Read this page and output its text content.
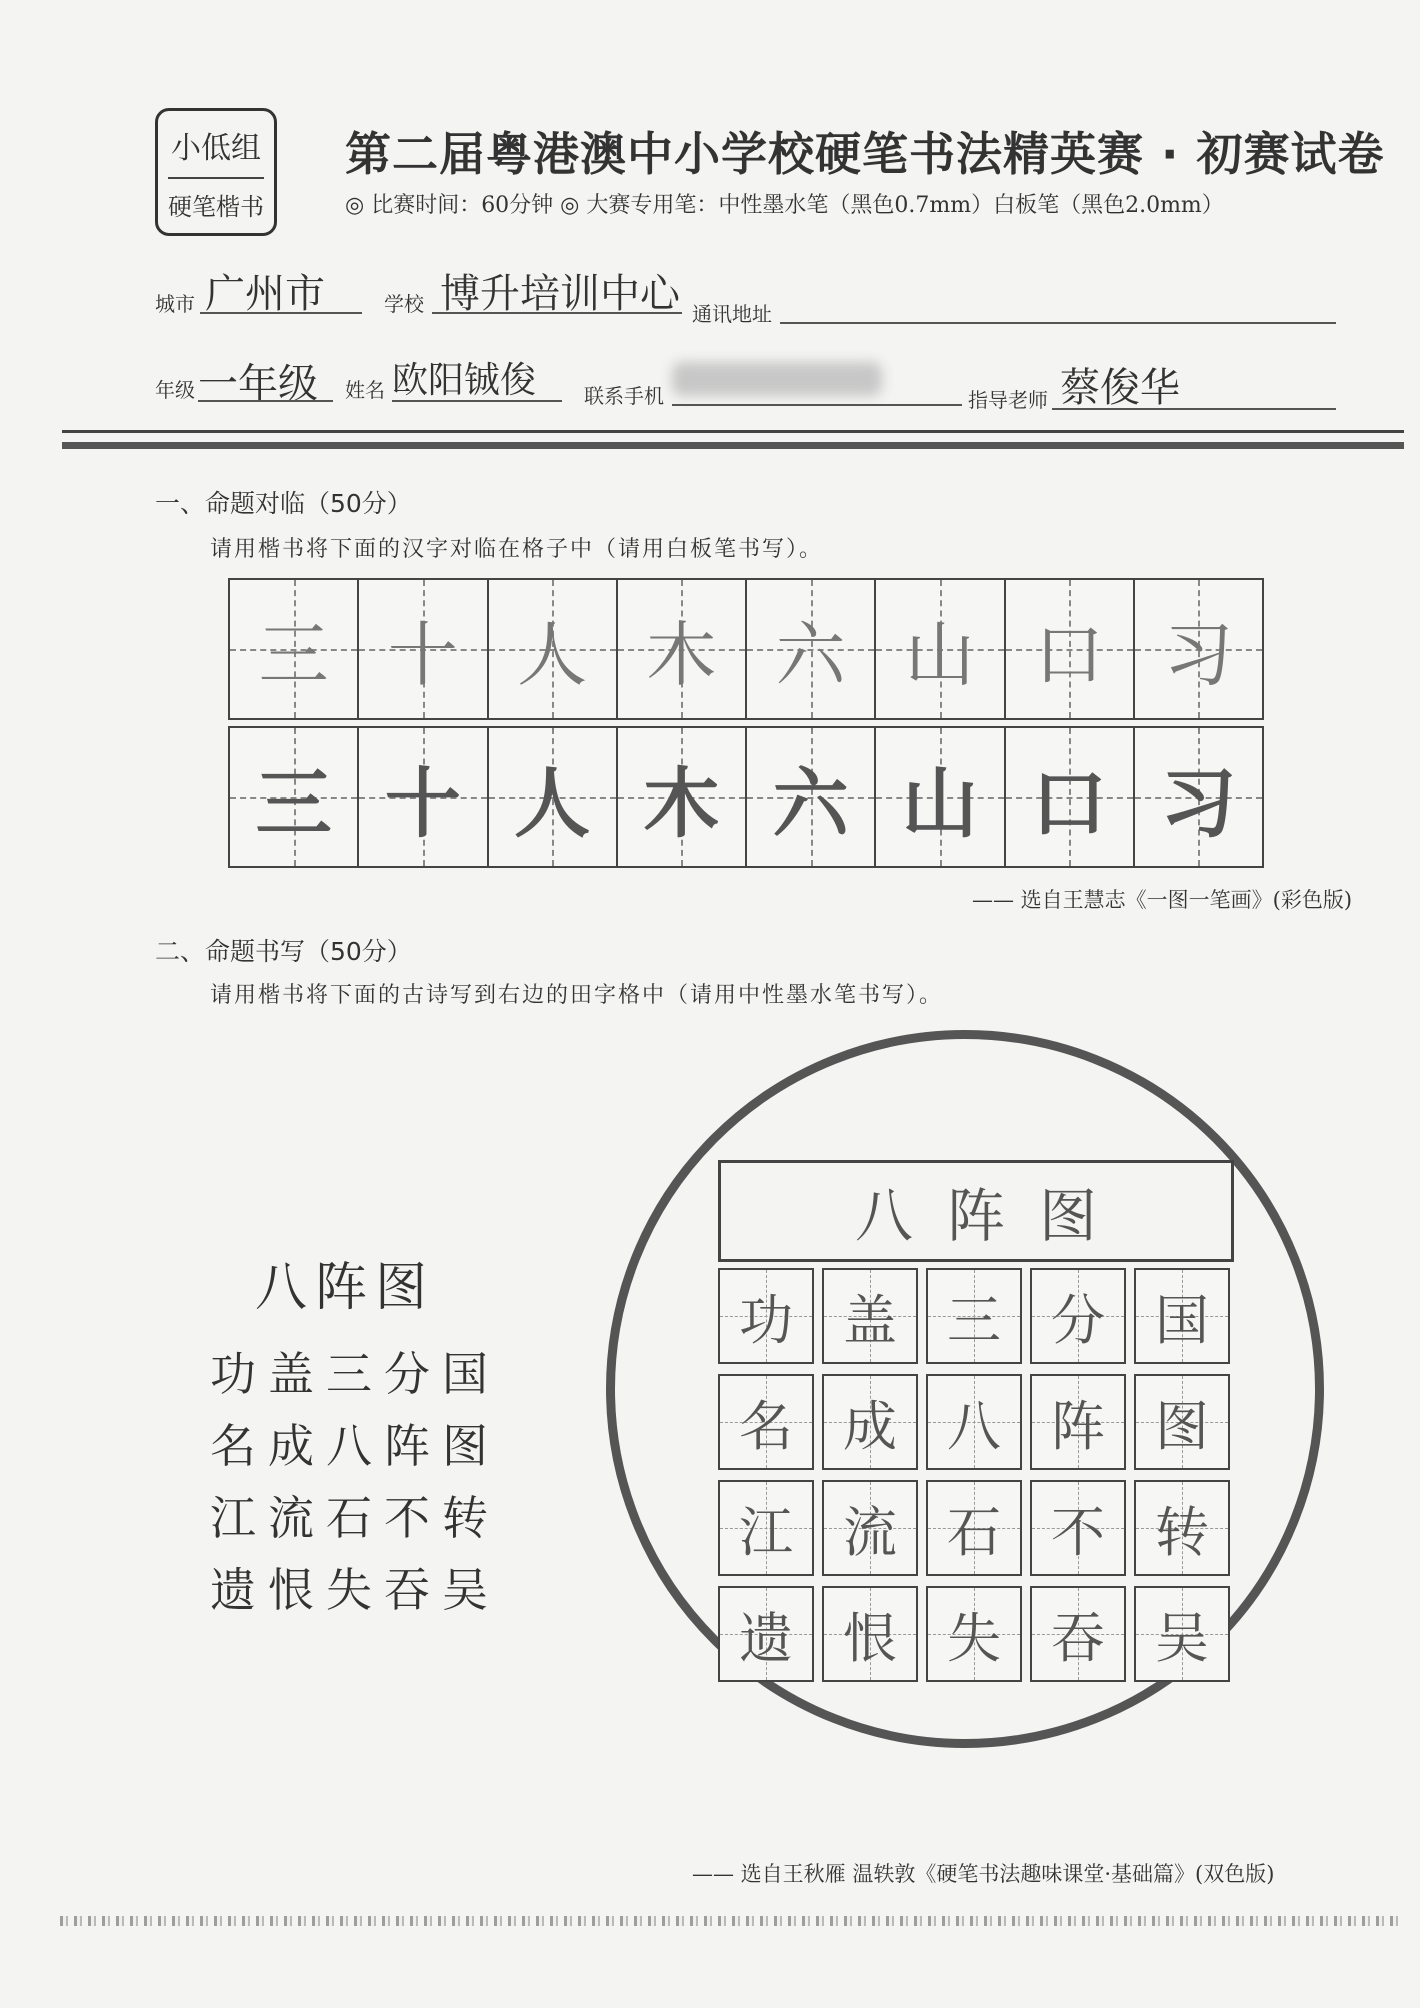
小低组
硬笔楷书
第二届粤港澳中小学校硬笔书法精英赛 · 初赛试卷
◎ 比赛时间：60分钟 ◎ 大赛专用笔：中性墨水笔（黑色0.7mm）白板笔（黑色2.0mm）
城市 广州市	学校 博升培训中心 通讯地址
年级 一年级 姓名 欧阳铖俊 联系手机	指导老师 蔡俊华
一、命题对临（50分）
请用楷书将下面的汉字对临在格子中（请用白板笔书写）。
三 十 人 木 六 山 口 习
三 十 人 木 六 山 口 习
—— 选自王慧志《一图一笔画》(彩色版)
二、命题书写（50分）
请用楷书将下面的古诗写到右边的田字格中（请用中性墨水笔书写）。
八阵图
功盖三分国
名成八阵图
江流石不转
遗恨失吞吴
八阵图
功 盖 三 分 国
名 成 八 阵 图
江 流 石 不 转
遗 恨 失 吞 吴
—— 选自王秋雁 温轶敦《硬笔书法趣味课堂·基础篇》(双色版)
